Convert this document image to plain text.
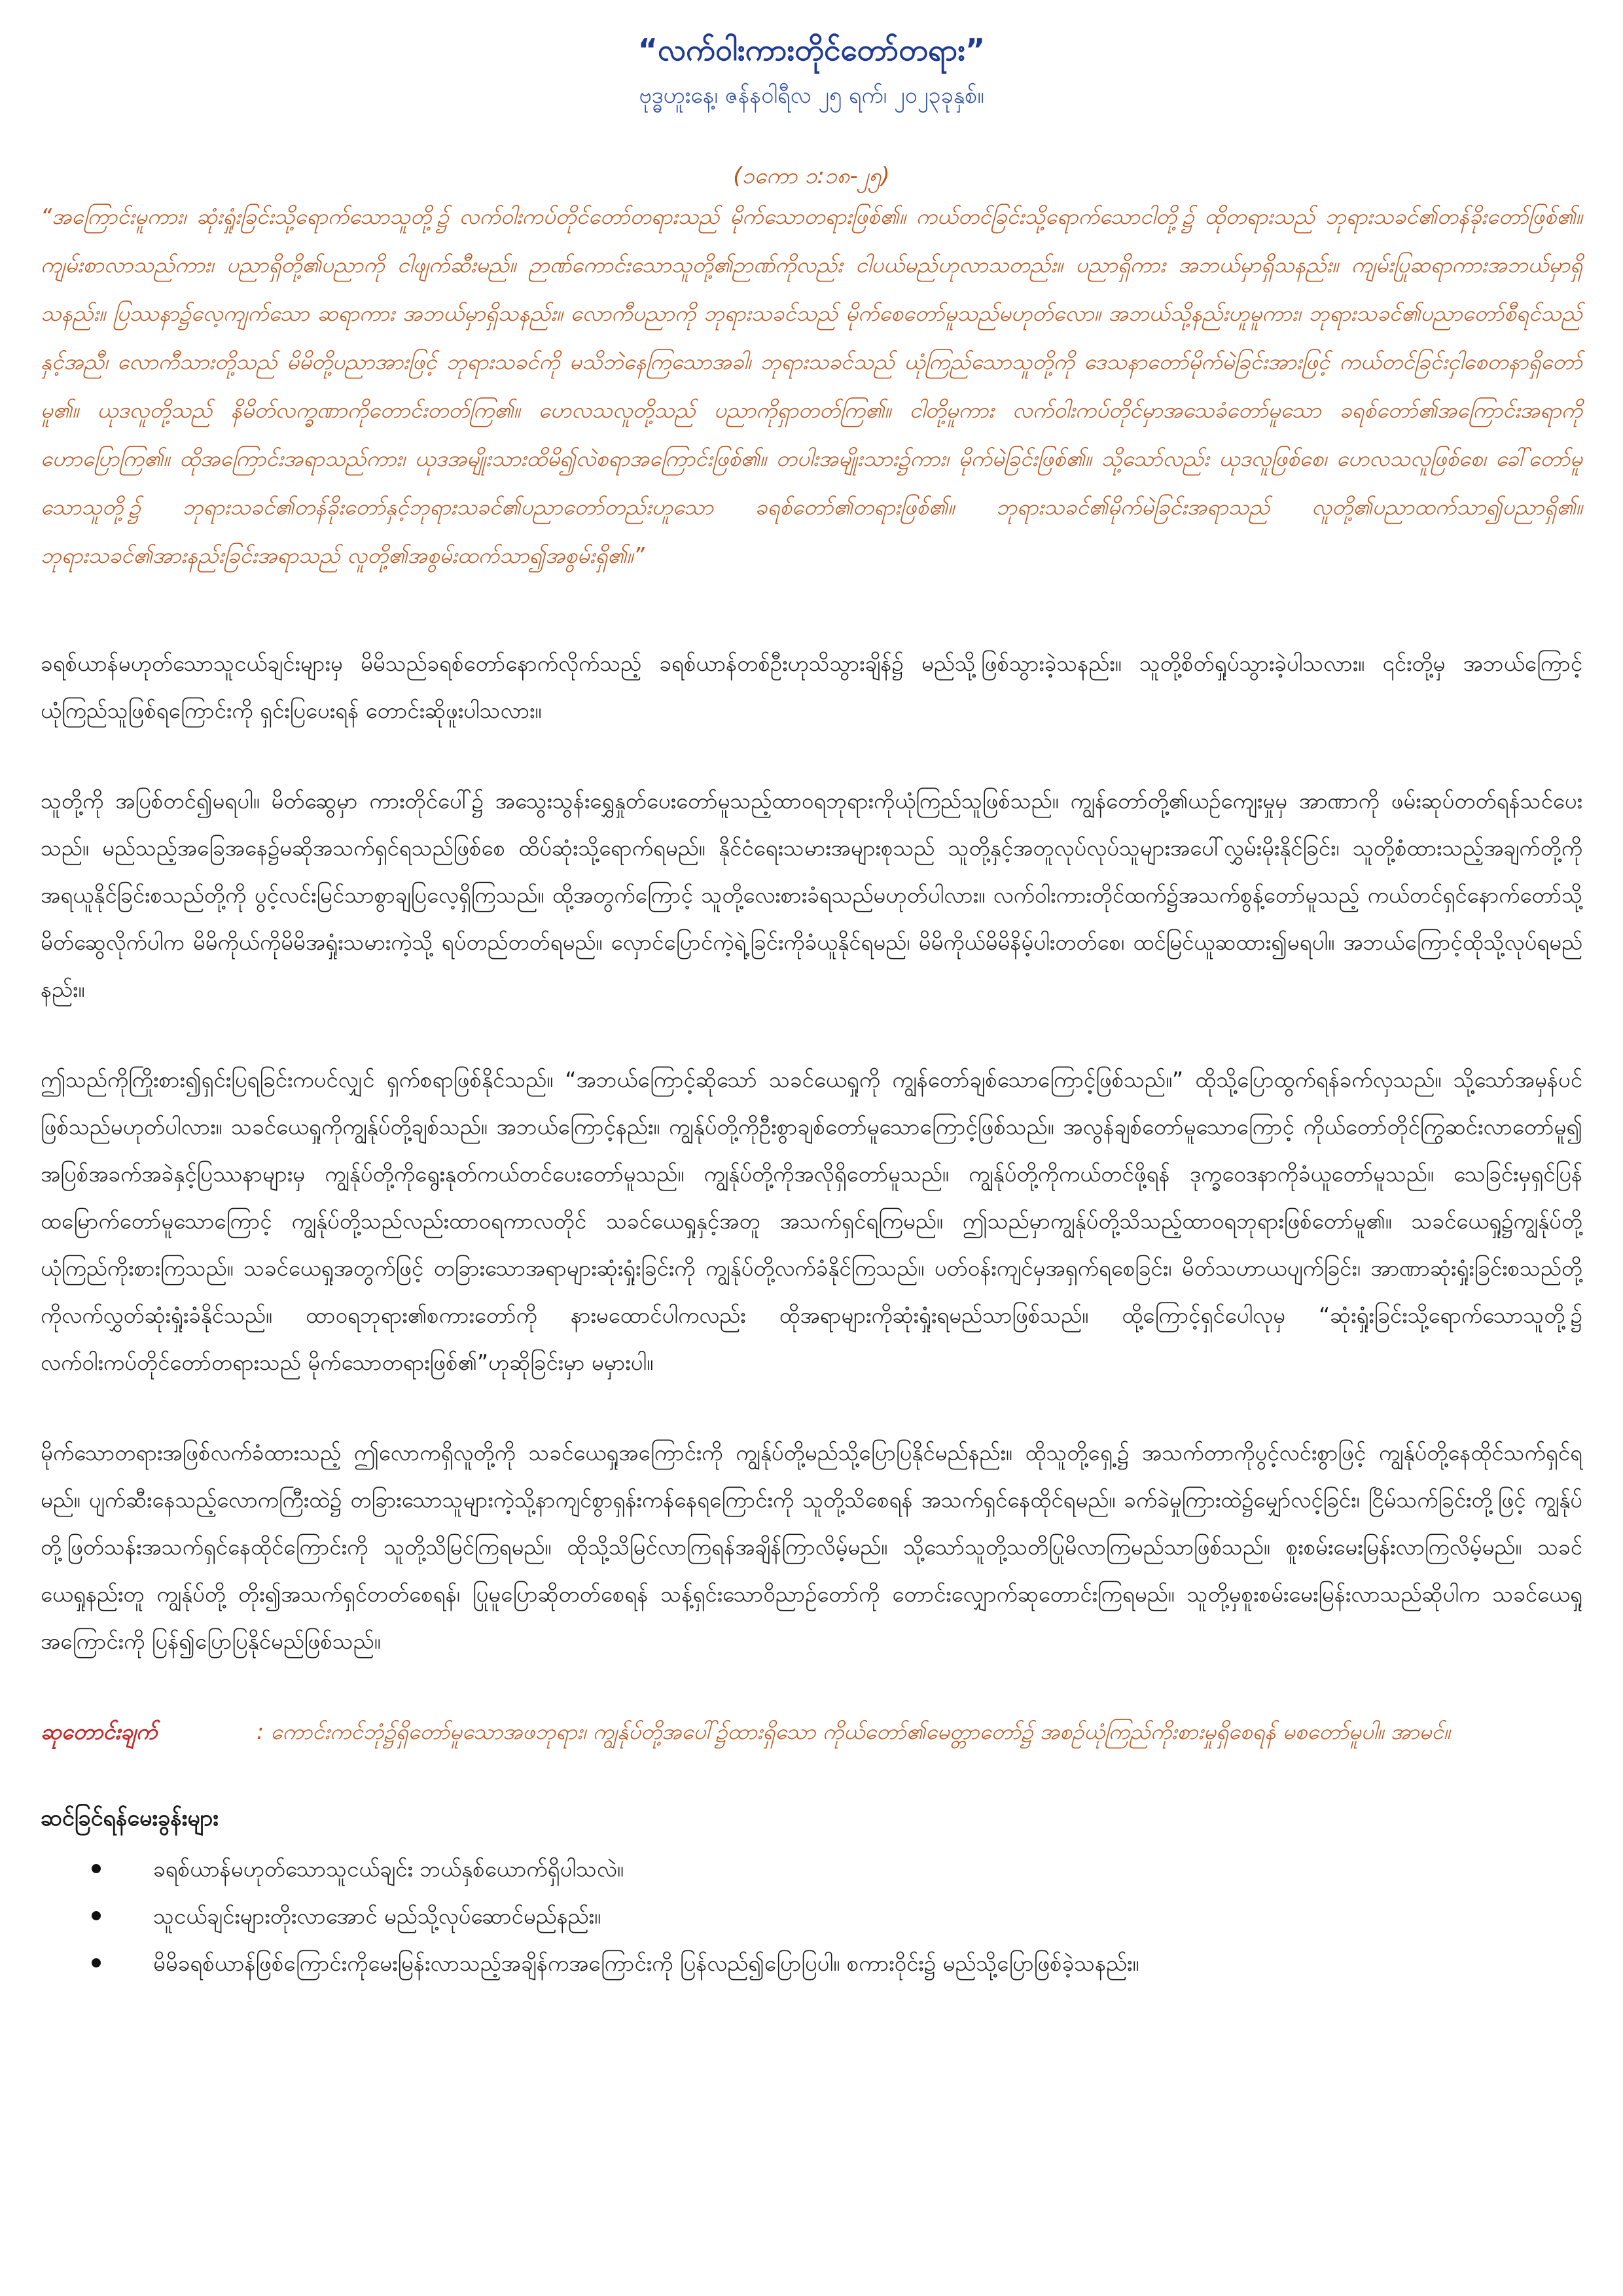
“လက်ဝါးကားတိုင်တော်တရား”

ဗုဒ္ဓဟူးနေ့၊ ဇန်နဝါရီလ ၂၅ ရက်၊ ၂၀၂၃ခုနှစ်။

(၁ကော ၁:၁၈-၂၅)

“အကြောင်းမူကား၊ ဆုံးရှုံးခြင်းသို့ရောက်သောသူတို့၌ လက်ဝါးကပ်တိုင်တော်တရားသည် မိုက်သောတရားဖြစ်၏။ ကယ်တင်ခြင်းသို့ရောက်သောငါတို့၌ ထိုတရားသည် ဘုရားသခင်၏တန်ခိုးတော်ဖြစ်၏။ ကျမ်းစာလာသည်ကား၊ ပညာရှိတို့၏ပညာကို ငါဖျက်ဆီးမည်။ ဉာဏ်ကောင်းသောသူတို့၏ဉာဏ်ကိုလည်း ငါပယ်မည်ဟုလာသတည်း။ ပညာရှိကား အဘယ်မှာရှိသနည်း။ ကျမ်းပြုဆရာကားအဘယ်မှာရှိသနည်း။ ပြဿနာ၌လေ့ကျက်သော ဆရာကား အဘယ်မှာရှိသနည်း။ လောကီပညာကို ဘုရားသခင်သည် မိုက်စေတော်မူသည်မဟုတ်လော။ အဘယ်သို့နည်းဟူမူကား၊ ဘုရားသခင်၏ပညာတော်စီရင်သည်နှင့်အညီ၊ လောကီသားတို့သည် မိမိတို့ပညာအားဖြင့် ဘုရားသခင်ကို မသိဘဲနေကြသောအခါ၊ ဘုရားသခင်သည် ယုံကြည်သောသူတို့ကို ဒေသနာတော်မိုက်မဲခြင်းအားဖြင့် ကယ်တင်ခြင်းငှါစေတနာရှိတော်မူ၏။ ယုဒလူတို့သည် နိမိတ်လက္ခဏာကိုတောင်းတတ်ကြ၏။ ဟေလသလူတို့သည် ပညာကိုရှာတတ်ကြ၏။ ငါတို့မူကား လက်ဝါးကပ်တိုင်မှာအသေခံတော်မူသော ခရစ်တော်၏အကြောင်းအရာကို ဟောပြောကြ၏။ ထိုအကြောင်းအရာသည်ကား၊ ယုဒအမျိုးသားထိမိ၍လဲစရာအကြောင်းဖြစ်၏။ တပါးအမျိုးသား၌ကား၊ မိုက်မဲခြင်းဖြစ်၏။ သို့သော်လည်း ယုဒလူဖြစ်စေ၊ ဟေလသလူဖြစ်စေ၊ ခေါ်တော်မူသောသူတို့၌ ဘုရားသခင်၏တန်ခိုးတော်နှင့်ဘုရားသခင်၏ပညာတော်တည်းဟူသော ခရစ်တော်၏တရားဖြစ်၏။ ဘုရားသခင်၏မိုက်မဲခြင်းအရာသည် လူတို့၏ပညာထက်သာ၍ပညာရှိ၏။ ဘုရားသခင်၏အားနည်းခြင်းအရာသည် လူတို့၏အစွမ်းထက်သာ၍အစွမ်းရှိ၏။”

ခရစ်ယာန်မဟုတ်သောသူငယ်ချင်းများမှ မိမိသည်ခရစ်တော်နောက်လိုက်သည့် ခရစ်ယာန်တစ်ဦးဟုသိသွားချိန်၌ မည်သို့ဖြစ်သွားခဲ့သနည်း။ သူတို့စိတ်ရှုပ်သွားခဲ့ပါသလား။ ၎င်းတို့မှ အဘယ်ကြောင့်ယုံကြည်သူဖြစ်ရကြောင်းကို ရှင်းပြပေးရန် တောင်းဆိုဖူးပါသလား။

သူတို့ကို အပြစ်တင်၍မရပါ။ မိတ်ဆွေမှာ ကားတိုင်ပေါ်၌ အသွေးသွန်းရွှေနှုတ်ပေးတော်မူသည့်ထာဝရဘုရားကိုယုံကြည်သူဖြစ်သည်။ ကျွန်တော်တို့၏ယဉ်ကျေးမှုမှ အာဏာကို ဖမ်းဆုပ်တတ်ရန်သင်ပေးသည်။ မည်သည့်အခြေအနေ၌မဆိုအသက်ရှင်ရသည်ဖြစ်စေ ထိပ်ဆုံးသို့ရောက်ရမည်။ နိုင်ငံရေးသမားအများစုသည် သူတို့နှင့်အတူလုပ်လုပ်သူများအပေါ်လွှမ်းမိုးနိုင်ခြင်း၊ သူတို့စံထားသည့်အချက်တို့ကို အရယူနိုင်ခြင်းစသည်တို့ကို ပွင့်လင်းမြင်သာစွာချပြလေ့ရှိကြသည်။ ထို့အတွက်ကြောင့် သူတို့လေးစားခံရသည်မဟုတ်ပါလား။ လက်ဝါးကားတိုင်ထက်၌အသက်စွန့်တော်မူသည့် ကယ်တင်ရှင်နောက်တော်သို့မိတ်ဆွေလိုက်ပါက မိမိကိုယ်ကိုမိမိအရှုံးသမားကဲ့သို့ ရပ်တည်တတ်ရမည်။ လှောင်ပြောင်ကဲ့ရဲ့ခြင်းကိုခံယူနိုင်ရမည်၊ မိမိကိုယ်မိမိနိမ့်ပါးတတ်စေ၊ ထင်မြင်ယူဆထား၍မရပါ။ အဘယ်ကြောင့်ထိုသို့လုပ်ရမည်နည်း။

ဤသည်ကိုကြိုးစား၍ရှင်းပြရခြင်းကပင်လျှင် ရှက်စရာဖြစ်နိုင်သည်။ “အဘယ်ကြောင့်ဆိုသော် သခင်ယေရှုကို ကျွန်တော်ချစ်သောကြောင့်ဖြစ်သည်။” ထိုသို့ပြောထွက်ရန်ခက်လှသည်။ သို့သော်အမှန်ပင်ဖြစ်သည်မဟုတ်ပါလား။ သခင်ယေရှုကိုကျွန်ုပ်တို့ချစ်သည်။ အဘယ်ကြောင့်နည်း။ ကျွန်ုပ်တို့ကိုဦးစွာချစ်တော်မူသောကြောင့်ဖြစ်သည်။ အလွန်ချစ်တော်မူသောကြောင့် ကိုယ်တော်တိုင်ကြွဆင်းလာတော်မူ၍ အပြစ်အခက်အခဲနှင့်ပြဿနာများမှ ကျွန်ုပ်တို့ကိုရွေးနုတ်ကယ်တင်ပေးတော်မူသည်။ ကျွန်ုပ်တို့ကိုအလိုရှိတော်မူသည်။ ကျွန်ုပ်တို့ကိုကယ်တင်ဖို့ရန် ဒုက္ခဝေဒနာကိုခံယူတော်မူသည်။ သေခြင်းမှရှင်ပြန်ထမြောက်တော်မူသောကြောင့် ကျွန်ုပ်တို့သည်လည်းထာဝရကာလတိုင် သခင်ယေရှုနှင့်အတူ အသက်ရှင်ရကြမည်။ ဤသည်မှာကျွန်ုပ်တို့သိသည့်ထာဝရဘုရားဖြစ်တော်မူ၏။ သခင်ယေရှု၌ကျွန်ုပ်တို့ယုံကြည်ကိုးစားကြသည်။ သခင်ယေရှုအတွက်ဖြင့် တခြားသောအရာများဆုံးရှုံးခြင်းကို ကျွန်ုပ်တို့လက်ခံနိုင်ကြသည်။ ပတ်ဝန်းကျင်မှအရှက်ရစေခြင်း၊ မိတ်သဟာယပျက်ခြင်း၊ အာဏာဆုံးရှုံးခြင်းစသည်တို့ကိုလက်လွှတ်ဆုံးရှုံးခံနိုင်သည်။ ထာဝရဘုရား၏စကားတော်ကို နားမထောင်ပါကလည်း ထိုအရာများကိုဆုံးရှုံးရမည်သာဖြစ်သည်။ ထို့ကြောင့်ရှင်ပေါလုမှ “ဆုံးရှုံးခြင်းသို့ရောက်သောသူတို့၌ လက်ဝါးကပ်တိုင်တော်တရားသည် မိုက်သောတရားဖြစ်၏”ဟုဆိုခြင်းမှာ မမှားပါ။

မိုက်သောတရားအဖြစ်လက်ခံထားသည့် ဤလောကရှိလူတို့ကို သခင်ယေရှုအကြောင်းကို ကျွန်ုပ်တို့မည်သို့ပြောပြနိုင်မည်နည်း။ ထိုသူတို့ရှေ့၌ အသက်တာကိုပွင့်လင်းစွာဖြင့် ကျွန်ုပ်တို့နေထိုင်သက်ရှင်ရမည်။ ပျက်ဆီးနေသည့်လောကကြီးထဲ၌ တခြားသောသူများကဲ့သို့နာကျင်စွာရှန်းကန်နေရကြောင်းကို သူတို့သိစေရန် အသက်ရှင်နေထိုင်ရမည်။ ခက်ခဲမှုကြားထဲ၌မျှော်လင့်ခြင်း၊ ငြိမ်သက်ခြင်းတို့ဖြင့် ကျွန်ုပ်တို့ဖြတ်သန်းအသက်ရှင်နေထိုင်ကြောင်းကို သူတို့သိမြင်ကြရမည်။ ထိုသို့သိမြင်လာကြရန်အချိန်ကြာလိမ့်မည်။ သို့သော်သူတို့သတိပြုမိလာကြမည်သာဖြစ်သည်။ စူးစမ်းမေးမြန်းလာကြလိမ့်မည်။ သခင်ယေရှုနည်းတူ ကျွန်ုပ်တို့ တိုး၍အသက်ရှင်တတ်စေရန်၊ ပြုမူပြောဆိုတတ်စေရန် သန့်ရှင်းသောဝိညာဉ်တော်ကို တောင်းလျှောက်ဆုတောင်းကြရမည်။ သူတို့မှစူးစမ်းမေးမြန်းလာသည်ဆိုပါက သခင်ယေရှုအကြောင်းကို ပြန်၍ပြောပြနိုင်မည်ဖြစ်သည်။

ဆုတောင်းချက်	: ကောင်းကင်ဘုံ၌ရှိတော်မူသောအဖဘုရား၊ ကျွန်ုပ်တို့အပေါ်၌ထားရှိသော ကိုယ်တော်၏မေတ္တာတော်၌ အစဉ်ယုံကြည်ကိုးစားမှုရှိစေရန် မစတော်မူပါ။ အာမင်။

ဆင်ခြင်ရန်မေးခွန်းများ

ခရစ်ယာန်မဟုတ်သောသူငယ်ချင်း ဘယ်နှစ်ယောက်ရှိပါသလဲ။
သူငယ်ချင်းများတိုးလာအောင် မည်သို့လုပ်ဆောင်မည်နည်း။
မိမိခရစ်ယာန်ဖြစ်ကြောင်းကိုမေးမြန်းလာသည့်အချိန်ကအကြောင်းကို ပြန်လည်၍ပြောပြပါ။ စကားဝိုင်း၌ မည်သို့ပြောဖြစ်ခဲ့သနည်း။
